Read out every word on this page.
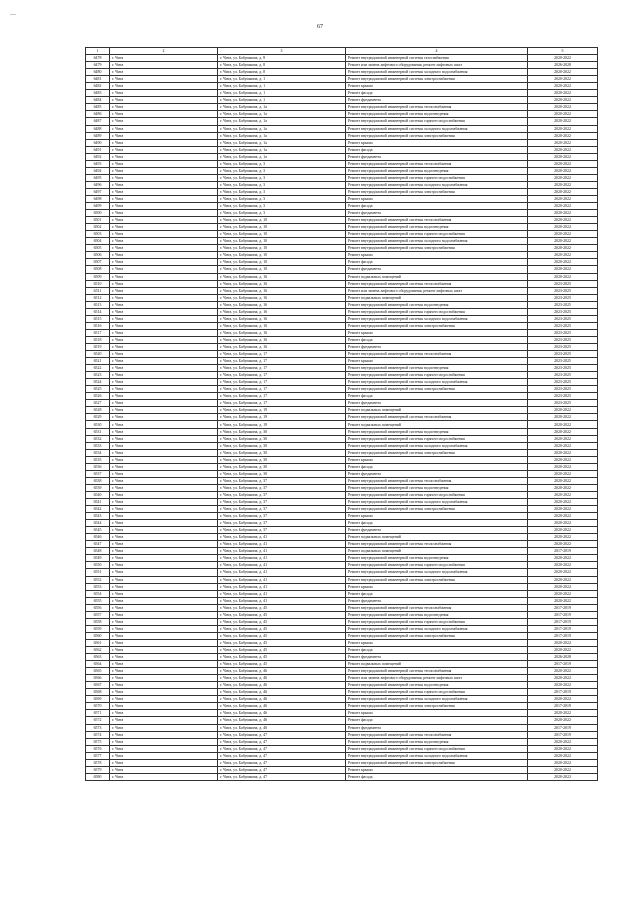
—
67
1	2	3	4	5
6478	г. Чита	г. Чита, ул. Бабушкина, д. 8	Ремонт внутридомовой инженерной системы газоснабжения	2020-2022
6479	г. Чита	г. Чита, ул. Бабушкина, д. 8	Ремонт или замена лифтового оборудования, ремонт лифтовых шахт	2026-2028
6480	г. Чита	г. Чита, ул. Бабушкина, д. 8	Ремонт внутридомовой инженерной системы холодного водоснабжения	2020-2022
6481	г. Чита	г. Чита, ул. Бабушкина, д. 1	Ремонт внутридомовой инженерной системы электроснабжения	2020-2022
6482	г. Чита	г. Чита, ул. Бабушкина, д. 1	Ремонт крыши	2020-2022
6483	г. Чита	г. Чита, ул. Бабушкина, д. 1	Ремонт фасада	2020-2022
6484	г. Чита	г. Чита, ул. Бабушкина, д. 1	Ремонт фундамента	2020-2022
6485	г. Чита	г. Чита, ул. Бабушкина, д. 1а	Ремонт внутридомовой инженерной системы теплоснабжения	2020-2022
6486	г. Чита	г. Чита, ул. Бабушкина, д. 1а	Ремонт внутридомовой инженерной системы водоотведения	2020-2022
6487	г. Чита	г. Чита, ул. Бабушкина, д. 1а	Ремонт внутридомовой инженерной системы горячего водоснабжения	2020-2022
6488	г. Чита	г. Чита, ул. Бабушкина, д. 1а	Ремонт внутридомовой инженерной системы холодного водоснабжения	2020-2022
6489	г. Чита	г. Чита, ул. Бабушкина, д. 1а	Ремонт внутридомовой инженерной системы электроснабжения	2020-2022
6490	г. Чита	г. Чита, ул. Бабушкина, д. 1а	Ремонт крыши	2020-2022
6491	г. Чита	г. Чита, ул. Бабушкина, д. 1а	Ремонт фасада	2020-2022
6492	г. Чита	г. Чита, ул. Бабушкина, д. 1а	Ремонт фундамента	2020-2022
6493	г. Чита	г. Чита, ул. Бабушкина, д. 3	Ремонт внутридомовой инженерной системы теплоснабжения	2020-2022
6494	г. Чита	г. Чита, ул. Бабушкина, д. 3	Ремонт внутридомовой инженерной системы водоотведения	2020-2022
6495	г. Чита	г. Чита, ул. Бабушкина, д. 3	Ремонт внутридомовой инженерной системы горячего водоснабжения	2020-2022
6496	г. Чита	г. Чита, ул. Бабушкина, д. 3	Ремонт внутридомовой инженерной системы холодного водоснабжения	2020-2022
6497	г. Чита	г. Чита, ул. Бабушкина, д. 3	Ремонт внутридомовой инженерной системы электроснабжения	2020-2022
6498	г. Чита	г. Чита, ул. Бабушкина, д. 3	Ремонт крыши	2020-2022
6499	г. Чита	г. Чита, ул. Бабушкина, д. 3	Ремонт фасада	2020-2022
6500	г. Чита	г. Чита, ул. Бабушкина, д. 3	Ремонт фундамента	2020-2022
6501	г. Чита	г. Чита, ул. Бабушкина, д. 10	Ремонт внутридомовой инженерной системы теплоснабжения	2020-2022
6502	г. Чита	г. Чита, ул. Бабушкина, д. 10	Ремонт внутридомовой инженерной системы водоотведения	2020-2022
6503	г. Чита	г. Чита, ул. Бабушкина, д. 10	Ремонт внутридомовой инженерной системы горячего водоснабжения	2020-2022
6504	г. Чита	г. Чита, ул. Бабушкина, д. 10	Ремонт внутридомовой инженерной системы холодного водоснабжения	2020-2022
6505	г. Чита	г. Чита, ул. Бабушкина, д. 10	Ремонт внутридомовой инженерной системы электроснабжения	2020-2022
6506	г. Чита	г. Чита, ул. Бабушкина, д. 10	Ремонт крыши	2020-2022
6507	г. Чита	г. Чита, ул. Бабушкина, д. 10	Ремонт фасада	2020-2022
6508	г. Чита	г. Чита, ул. Бабушкина, д. 10	Ремонт фундамента	2020-2022
6509	г. Чита	г. Чита, ул. Бабушкина, д. 16	Ремонт подвальных помещений	2020-2022
6510	г. Чита	г. Чита, ул. Бабушкина, д. 16	Ремонт внутридомовой инженерной системы теплоснабжения	2023-2025
6511	г. Чита	г. Чита, ул. Бабушкина, д. 16	Ремонт или замена лифтового оборудования, ремонт лифтовых шахт	2023-2025
6512	г. Чита	г. Чита, ул. Бабушкина, д. 16	Ремонт подвальных помещений	2023-2025
6513	г. Чита	г. Чита, ул. Бабушкина, д. 16	Ремонт внутридомовой инженерной системы водоотведения	2023-2025
6514	г. Чита	г. Чита, ул. Бабушкина, д. 16	Ремонт внутридомовой инженерной системы горячего водоснабжения	2023-2025
6515	г. Чита	г. Чита, ул. Бабушкина, д. 16	Ремонт внутридомовой инженерной системы холодного водоснабжения	2023-2025
6516	г. Чита	г. Чита, ул. Бабушкина, д. 16	Ремонт внутридомовой инженерной системы электроснабжения	2023-2025
6517	г. Чита	г. Чита, ул. Бабушкина, д. 16	Ремонт крыши	2023-2025
6518	г. Чита	г. Чита, ул. Бабушкина, д. 16	Ремонт фасада	2023-2025
6519	г. Чита	г. Чита, ул. Бабушкина, д. 16	Ремонт фундамента	2023-2025
6520	г. Чита	г. Чита, ул. Бабушкина, д. 17	Ремонт внутридомовой инженерной системы теплоснабжения	2023-2025
6521	г. Чита	г. Чита, ул. Бабушкина, д. 17	Ремонт крыши	2023-2025
6522	г. Чита	г. Чита, ул. Бабушкина, д. 17	Ремонт внутридомовой инженерной системы водоотведения	2023-2025
6523	г. Чита	г. Чита, ул. Бабушкина, д. 17	Ремонт внутридомовой инженерной системы горячего водоснабжения	2023-2025
6524	г. Чита	г. Чита, ул. Бабушкина, д. 17	Ремонт внутридомовой инженерной системы холодного водоснабжения	2023-2025
6525	г. Чита	г. Чита, ул. Бабушкина, д. 17	Ремонт внутридомовой инженерной системы электроснабжения	2023-2025
6526	г. Чита	г. Чита, ул. Бабушкина, д. 17	Ремонт фасада	2023-2025
6527	г. Чита	г. Чита, ул. Бабушкина, д. 17	Ремонт фундамента	2023-2025
6528	г. Чита	г. Чита, ул. Бабушкина, д. 19	Ремонт подвальных помещений	2020-2022
6529	г. Чита	г. Чита, ул. Бабушкина, д. 19	Ремонт внутридомовой инженерной системы теплоснабжения	2020-2022
6530	г. Чита	г. Чита, ул. Бабушкина, д. 19	Ремонт подвальных помещений	2020-2022
6531	г. Чита	г. Чита, ул. Бабушкина, д. 30	Ремонт внутридомовой инженерной системы водоотведения	2020-2022
6532	г. Чита	г. Чита, ул. Бабушкина, д. 30	Ремонт внутридомовой инженерной системы горячего водоснабжения	2020-2022
6533	г. Чита	г. Чита, ул. Бабушкина, д. 30	Ремонт внутридомовой инженерной системы холодного водоснабжения	2020-2022
6534	г. Чита	г. Чита, ул. Бабушкина, д. 30	Ремонт внутридомовой инженерной системы электроснабжения	2020-2022
6535	г. Чита	г. Чита, ул. Бабушкина, д. 30	Ремонт крыши	2020-2022
6536	г. Чита	г. Чита, ул. Бабушкина, д. 30	Ремонт фасада	2020-2022
6537	г. Чита	г. Чита, ул. Бабушкина, д. 30	Ремонт фундамента	2020-2022
6538	г. Чита	г. Чита, ул. Бабушкина, д. 37	Ремонт внутридомовой инженерной системы теплоснабжения	2020-2022
6539	г. Чита	г. Чита, ул. Бабушкина, д. 37	Ремонт внутридомовой инженерной системы водоотведения	2020-2022
6540	г. Чита	г. Чита, ул. Бабушкина, д. 37	Ремонт внутридомовой инженерной системы горячего водоснабжения	2020-2022
6541	г. Чита	г. Чита, ул. Бабушкина, д. 37	Ремонт внутридомовой инженерной системы холодного водоснабжения	2020-2022
6542	г. Чита	г. Чита, ул. Бабушкина, д. 37	Ремонт внутридомовой инженерной системы электроснабжения	2020-2022
6543	г. Чита	г. Чита, ул. Бабушкина, д. 37	Ремонт крыши	2020-2022
6544	г. Чита	г. Чита, ул. Бабушкина, д. 37	Ремонт фасада	2020-2022
6545	г. Чита	г. Чита, ул. Бабушкина, д. 37	Ремонт фундамента	2020-2022
6546	г. Чита	г. Чита, ул. Бабушкина, д. 41	Ремонт подвальных помещений	2020-2022
6547	г. Чита	г. Чита, ул. Бабушкина, д. 41	Ремонт внутридомовой инженерной системы теплоснабжения	2020-2022
6548	г. Чита	г. Чита, ул. Бабушкина, д. 41	Ремонт подвальных помещений	2017-2019
6549	г. Чита	г. Чита, ул. Бабушкина, д. 41	Ремонт внутридомовой инженерной системы водоотведения	2020-2022
6550	г. Чита	г. Чита, ул. Бабушкина, д. 41	Ремонт внутридомовой инженерной системы горячего водоснабжения	2020-2022
6551	г. Чита	г. Чита, ул. Бабушкина, д. 41	Ремонт внутридомовой инженерной системы холодного водоснабжения	2020-2022
6552	г. Чита	г. Чита, ул. Бабушкина, д. 41	Ремонт внутридомовой инженерной системы электроснабжения	2020-2022
6553	г. Чита	г. Чита, ул. Бабушкина, д. 41	Ремонт крыши	2020-2022
6554	г. Чита	г. Чита, ул. Бабушкина, д. 41	Ремонт фасада	2020-2022
6555	г. Чита	г. Чита, ул. Бабушкина, д. 41	Ремонт фундамента	2020-2022
6556	г. Чита	г. Чита, ул. Бабушкина, д. 45	Ремонт внутридомовой инженерной системы теплоснабжения	2017-2019
6557	г. Чита	г. Чита, ул. Бабушкина, д. 45	Ремонт внутридомовой инженерной системы водоотведения	2017-2019
6558	г. Чита	г. Чита, ул. Бабушкина, д. 45	Ремонт внутридомовой инженерной системы горячего водоснабжения	2017-2019
6559	г. Чита	г. Чита, ул. Бабушкина, д. 45	Ремонт внутридомовой инженерной системы холодного водоснабжения	2017-2019
6560	г. Чита	г. Чита, ул. Бабушкина, д. 45	Ремонт внутридомовой инженерной системы электроснабжения	2017-2019
6561	г. Чита	г. Чита, ул. Бабушкина, д. 45	Ремонт крыши	2020-2022
6562	г. Чита	г. Чита, ул. Бабушкина, д. 45	Ремонт фасада	2020-2022
6563	г. Чита	г. Чита, ул. Бабушкина, д. 45	Ремонт фундамента	2026-2028
6564	г. Чита	г. Чита, ул. Бабушкина, д. 45	Ремонт подвальных помещений	2017-2019
6565	г. Чита	г. Чита, ул. Бабушкина, д. 46	Ремонт внутридомовой инженерной системы теплоснабжения	2020-2022
6566	г. Чита	г. Чита, ул. Бабушкина, д. 46	Ремонт или замена лифтового оборудования, ремонт лифтовых шахт	2020-2022
6567	г. Чита	г. Чита, ул. Бабушкина, д. 46	Ремонт внутридомовой инженерной системы водоотведения	2020-2022
6568	г. Чита	г. Чита, ул. Бабушкина, д. 46	Ремонт внутридомовой инженерной системы горячего водоснабжения	2017-2019
6569	г. Чита	г. Чита, ул. Бабушкина, д. 46	Ремонт внутридомовой инженерной системы холодного водоснабжения	2020-2022
6570	г. Чита	г. Чита, ул. Бабушкина, д. 46	Ремонт внутридомовой инженерной системы электроснабжения	2017-2019
6571	г. Чита	г. Чита, ул. Бабушкина, д. 46	Ремонт крыши	2020-2022
6572	г. Чита	г. Чита, ул. Бабушкина, д. 46	Ремонт фасада	2020-2022
6573	г. Чита	г. Чита, ул. Бабушкина, д. 46	Ремонт фундамента	2017-2019
6574	г. Чита	г. Чита, ул. Бабушкина, д. 47	Ремонт внутридомовой инженерной системы теплоснабжения	2017-2019
6575	г. Чита	г. Чита, ул. Бабушкина, д. 47	Ремонт внутридомовой инженерной системы водоотведения	2020-2022
6576	г. Чита	г. Чита, ул. Бабушкина, д. 47	Ремонт внутридомовой инженерной системы горячего водоснабжения	2020-2022
6577	г. Чита	г. Чита, ул. Бабушкина, д. 47	Ремонт внутридомовой инженерной системы холодного водоснабжения	2020-2022
6578	г. Чита	г. Чита, ул. Бабушкина, д. 47	Ремонт внутридомовой инженерной системы электроснабжения	2020-2022
6579	г. Чита	г. Чита, ул. Бабушкина, д. 47	Ремонт крыши	2020-2022
6580	г. Чита	г. Чита, ул. Бабушкина, д. 47	Ремонт фасада	2020-2022
